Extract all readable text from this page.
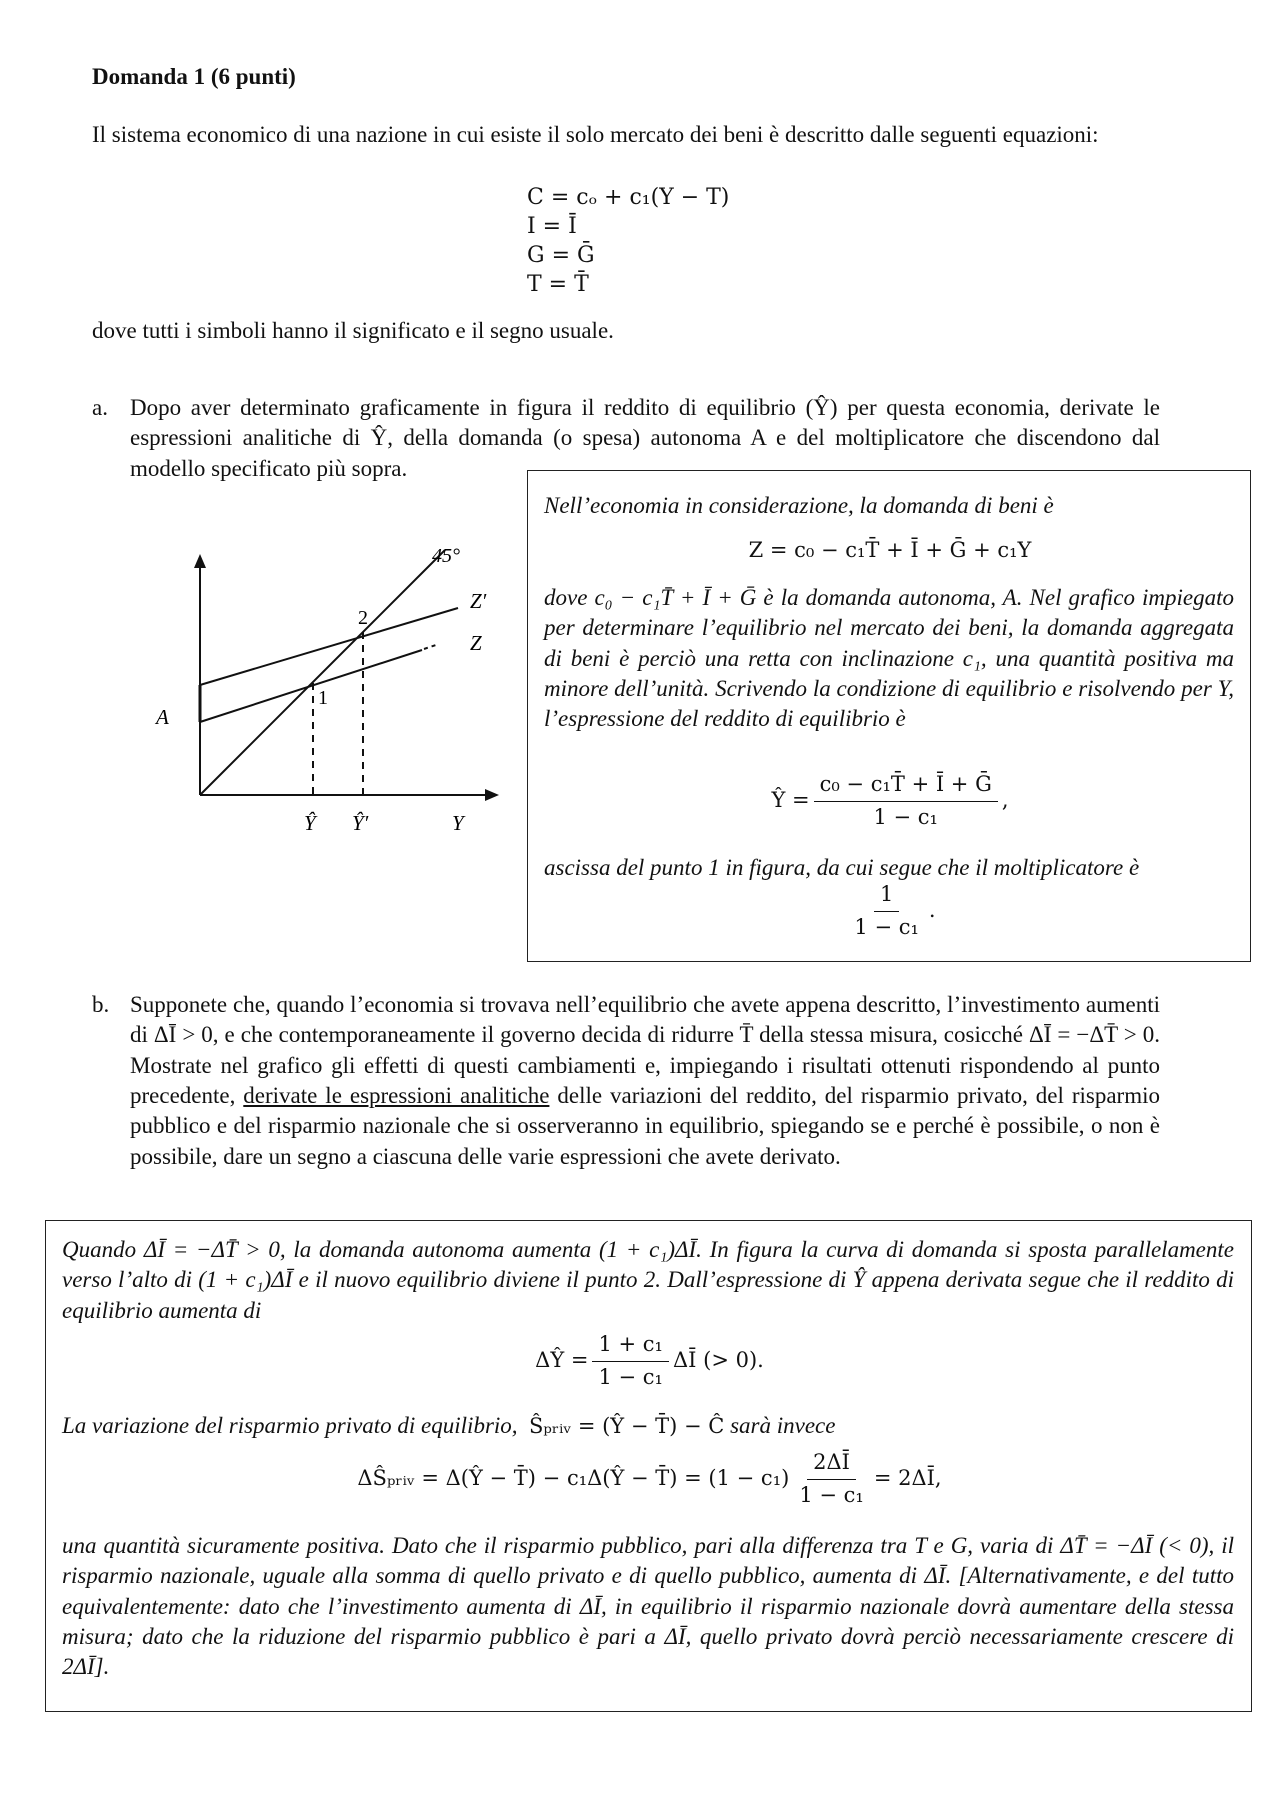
Domanda 1 (6 punti)
Il sistema economico di una nazione in cui esiste il solo mercato dei beni è descritto dalle seguenti equazioni:
C = cₒ + c₁(Y − T)
I = Ī
G = Ḡ
T = T̄
dove tutti i simboli hanno il significato e il segno usuale.
a. Dopo aver determinato graficamente in figura il reddito di equilibrio (Ŷ) per questa economia, derivate le espressioni analitiche di Ŷ, della domanda (o spesa) autonoma A e del moltiplicatore che discendono dal modello specificato più sopra.
45°
Z′
Z
A
1
2
Ŷ Ŷ′	Y
Nell’economia in considerazione, la domanda di beni è
Z = c₀ − c₁T̄ + Ī + Ḡ + c₁Y
dove c₀ − c₁T̄ + Ī + Ḡ è la domanda autonoma, A. Nel grafico impiegato per determinare l’equilibrio nel mercato dei beni, la domanda aggregata di beni è perciò una retta con inclinazione c₁, una quantità positiva ma minore dell’unità. Scrivendo la condizione di equilibrio e risolvendo per Y, l’espressione del reddito di equilibrio è
Ŷ = $\frac{\text{c₀ − c₁T̄ + Ī + Ḡ}}{\text{1 − c₁}}$ ,
ascissa del punto 1 in figura, da cui segue che il moltiplicatore è
$\frac{1}{\text{1 − c₁}}$ .
b. Supponete che, quando l’economia si trovava nell’equilibrio che avete appena descritto, l’investimento aumenti di ΔĪ > 0, e che contemporaneamente il governo decida di ridurre T̄ della stessa misura, cosicché ΔĪ = −ΔT̄ > 0. Mostrate nel grafico gli effetti di questi cambiamenti e, impiegando i risultati ottenuti rispondendo al punto precedente, derivate le espressioni analitiche delle variazioni del reddito, del risparmio privato, del risparmio pubblico e del risparmio nazionale che si osserveranno in equilibrio, spiegando se e perché è possibile, o non è possibile, dare un segno a ciascuna delle varie espressioni che avete derivato.
Quando ΔĪ = −ΔT̄ > 0, la domanda autonoma aumenta (1 + c₁)ΔĪ. In figura la curva di domanda si sposta parallelamente verso l’alto di (1 + c₁)ΔĪ e il nuovo equilibrio diviene il punto 2. Dall’espressione di Ŷ appena derivata segue che il reddito di equilibrio aumenta di
ΔŶ = $\frac{\text{1 + c₁}}{\text{1 − c₁}}$ ΔĪ (> 0).
La variazione del risparmio privato di equilibrio, Ŝₚᵣᵢᵥ = (Ŷ − T̄) − Ĉ sarà invece
ΔŜₚᵣᵢᵥ = Δ(Ŷ − T̄) − c₁Δ(Ŷ − T̄) = $(1 - c_1) \frac{2\Delta Ī}{\text{1 − c₁}}$ = 2ΔĪ,
una quantità sicuramente positiva. Dato che il risparmio pubblico, pari alla differenza tra T e G, varia di ΔT̄ = −ΔĪ (< 0), il risparmio nazionale, uguale alla somma di quello privato e di quello pubblico, aumenta di ΔĪ. [Alternativamente, e del tutto equivalentemente: dato che l’investimento aumenta di ΔĪ, in equilibrio il risparmio nazionale dovrà aumentare della stessa misura; dato che la riduzione del risparmio pubblico è pari a ΔĪ, quello privato dovrà perciò necessariamente crescere di 2ΔĪ].
